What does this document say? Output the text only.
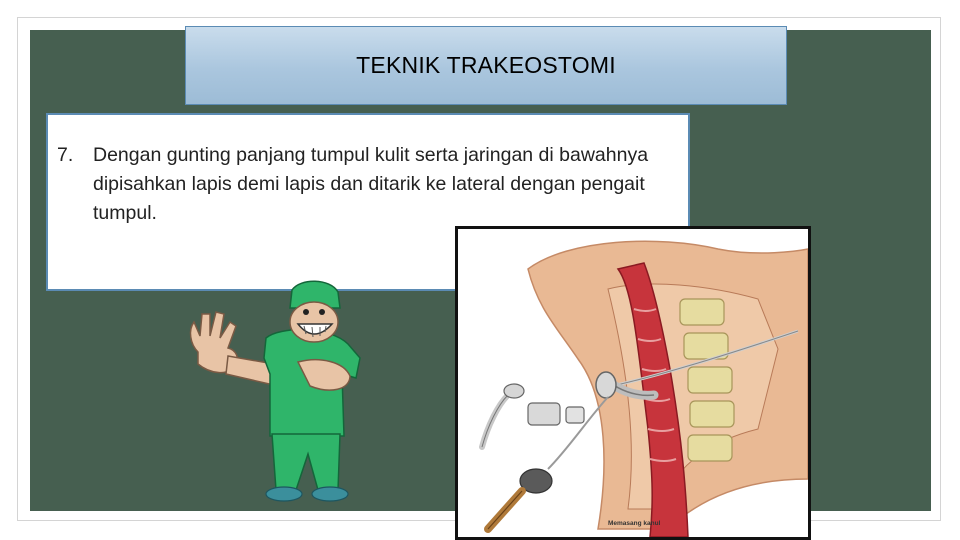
TEKNIK TRAKEOSTOMI
7. Dengan gunting panjang tumpul kulit serta jaringan di bawahnya dipisahkan lapis demi lapis dan ditarik ke lateral dengan pengait tumpul.
Memasang kanul
